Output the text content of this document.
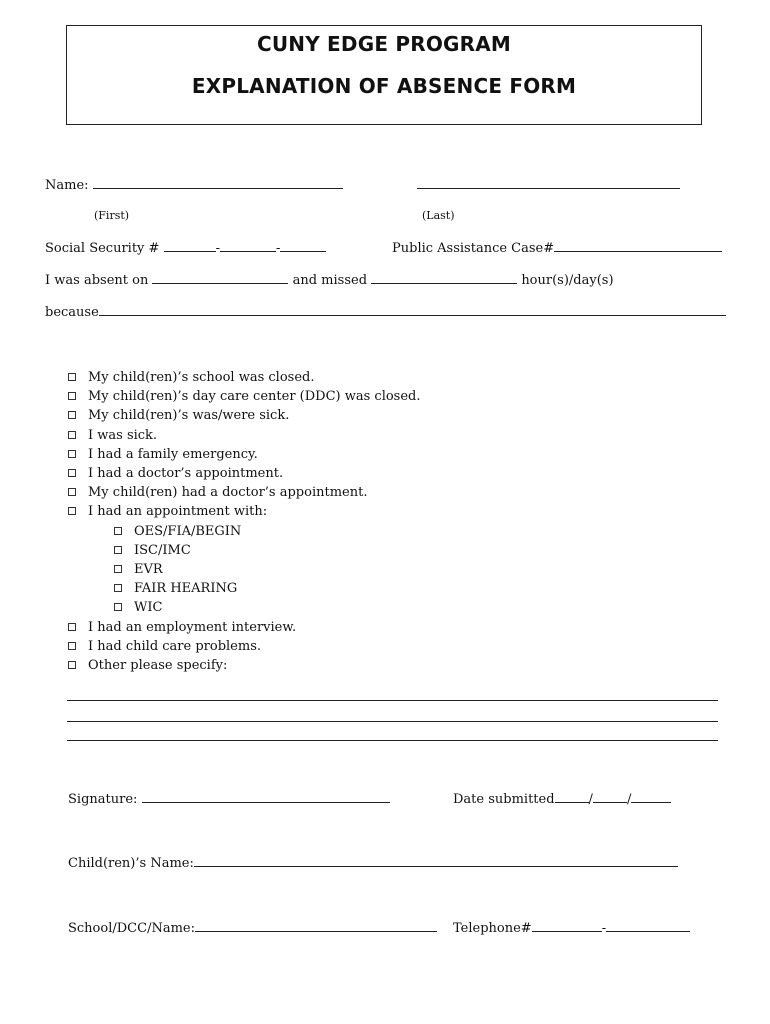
CUNY EDGE PROGRAM
EXPLANATION OF ABSENCE FORM
Name:
(First)	(Last)
Social Security #	-	-	Public Assistance Case#
I was absent on	and missed	hour(s)/day(s)
because
My child(ren)’s school was closed.
My child(ren)’s day care center (DDC) was closed.
My child(ren)’s was/were sick.
I was sick.
I had a family emergency.
I had a doctor’s appointment.
My child(ren) had a doctor’s appointment.
I had an appointment with:
OES/FIA/BEGIN
ISC/IMC
EVR
FAIR HEARING
WIC
I had an employment interview.
I had child care problems.
Other please specify:
Signature:	Date submitted	/	/
Child(ren)’s Name:
School/DCC/Name:	Telephone#	-
